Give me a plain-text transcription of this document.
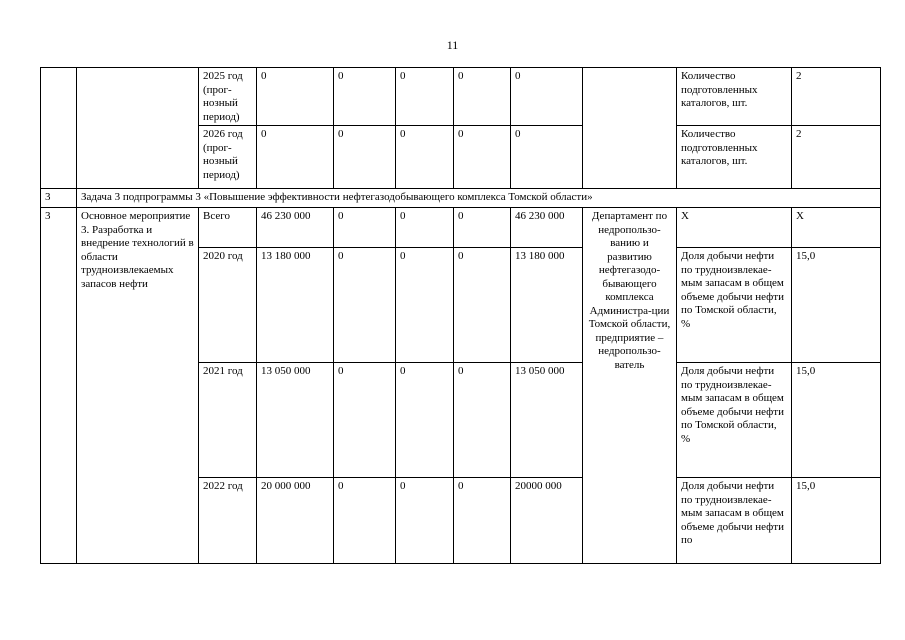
11
		2025 год (прог-нозный период)	0	0	0	0	0		Количество подготовленных каталогов, шт.	2
		2026 год (прог-нозный период)	0	0	0	0	0		Количество подготовленных каталогов, шт.	2
3	Задача 3 подпрограммы 3 «Повышение эффективности нефтегазодобывающего комплекса Томской области»									
3	Основное мероприятие 3. Разработка и внедрение технологий в области трудноизвлекаемых запасов нефти	Всего	46 230 000	0	0	0	46 230 000	Департамент по недропользо-ванию и развитию нефтегазодо-бывающего комплекса Администра-ции Томской области, предприятие – недропользо-ватель	Х	Х
		2020 год	13 180 000	0	0	0	13 180 000		Доля добычи нефти по трудноизвлекае-мым запасам в общем объеме добычи нефти по Томской области, %	15,0
		2021 год	13 050 000	0	0	0	13 050 000		Доля добычи нефти по трудноизвлекае-мым запасам в общем объеме добычи нефти по Томской области, %	15,0
		2022 год	20 000 000	0	0	0	20000 000		Доля добычи нефти по трудноизвлекае-мым запасам в общем объеме добычи нефти по	15,0
